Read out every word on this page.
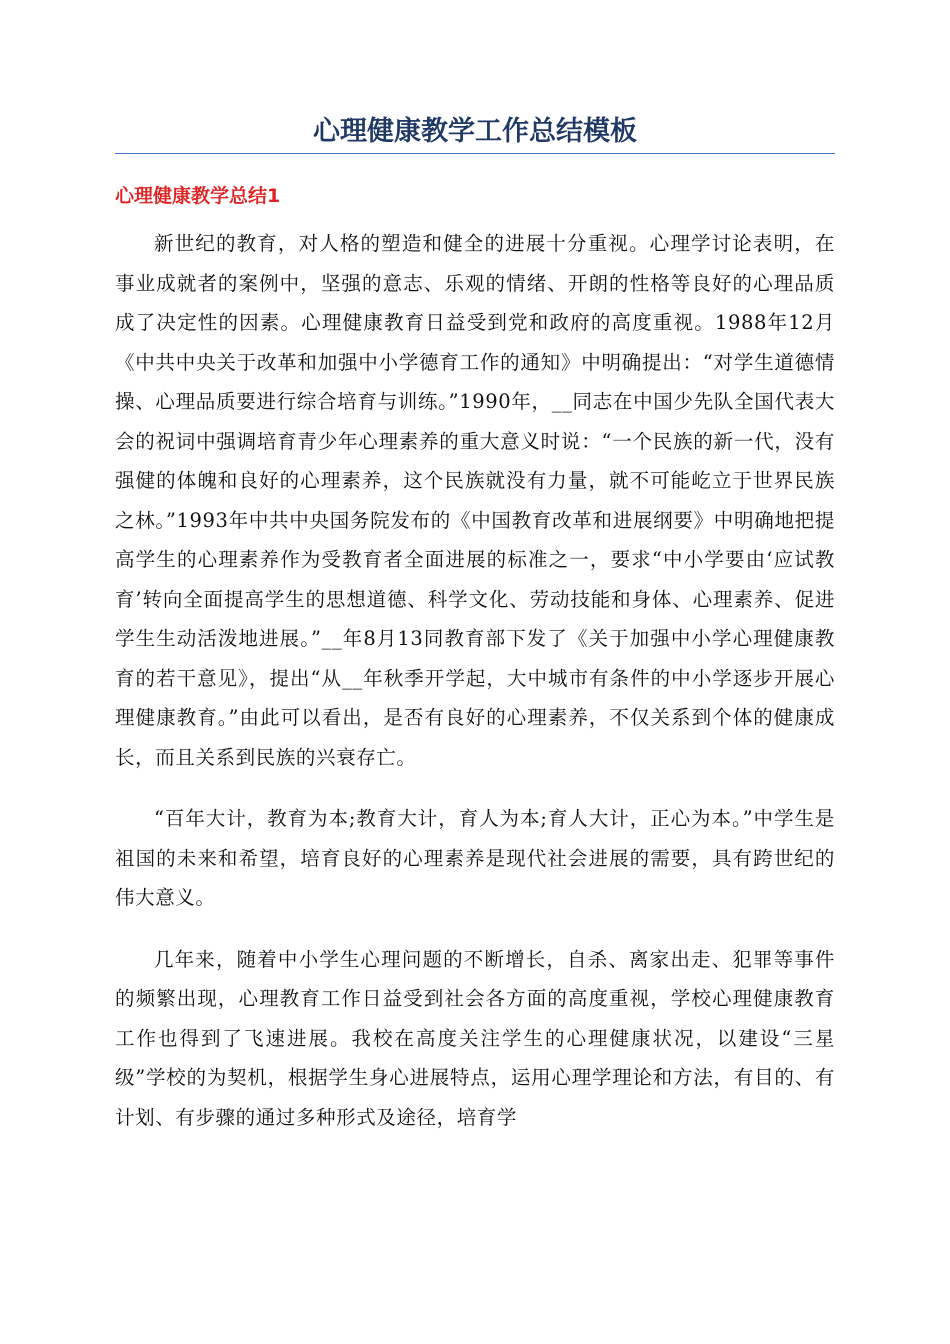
心理健康教学工作总结模板
心理健康教学总结1

新世纪的教育，对人格的塑造和健全的进展十分重视。心理学讨论表明，在事业成就者的案例中，坚强的意志、乐观的情绪、开朗的性格等良好的心理品质成了决定性的因素。心理健康教育日益受到党和政府的高度重视。1988年12月《中共中央关于改革和加强中小学德育工作的通知》中明确提出：“对学生道德情操、心理品质要进行综合培育与训练。”1990年，__同志在中国少先队全国代表大会的祝词中强调培育青少年心理素养的重大意义时说：“一个民族的新一代，没有强健的体魄和良好的心理素养，这个民族就没有力量，就不可能屹立于世界民族之林。”1993年中共中央国务院发布的《中国教育改革和进展纲要》中明确地把提高学生的心理素养作为受教育者全面进展的标准之一，要求“中小学要由‘应试教育’转向全面提高学生的思想道德、科学文化、劳动技能和身体、心理素养、促进学生生动活泼地进展。”__年8月13同教育部下发了《关于加强中小学心理健康教育的若干意见》，提出“从__年秋季开学起，大中城市有条件的中小学逐步开展心理健康教育。”由此可以看出，是否有良好的心理素养，不仅关系到个体的健康成长，而且关系到民族的兴衰存亡。

“百年大计，教育为本;教育大计，育人为本;育人大计，正心为本。”中学生是祖国的未来和希望，培育良好的心理素养是现代社会进展的需要，具有跨世纪的伟大意义。

几年来，随着中小学生心理问题的不断增长，自杀、离家出走、犯罪等事件的频繁出现，心理教育工作日益受到社会各方面的高度重视，学校心理健康教育工作也得到了飞速进展。我校在高度关注学生的心理健康状况，以建设“三星级”学校的为契机，根据学生身心进展特点，运用心理学理论和方法，有目的、有计划、有步骤的通过多种形式及途径，培育学
